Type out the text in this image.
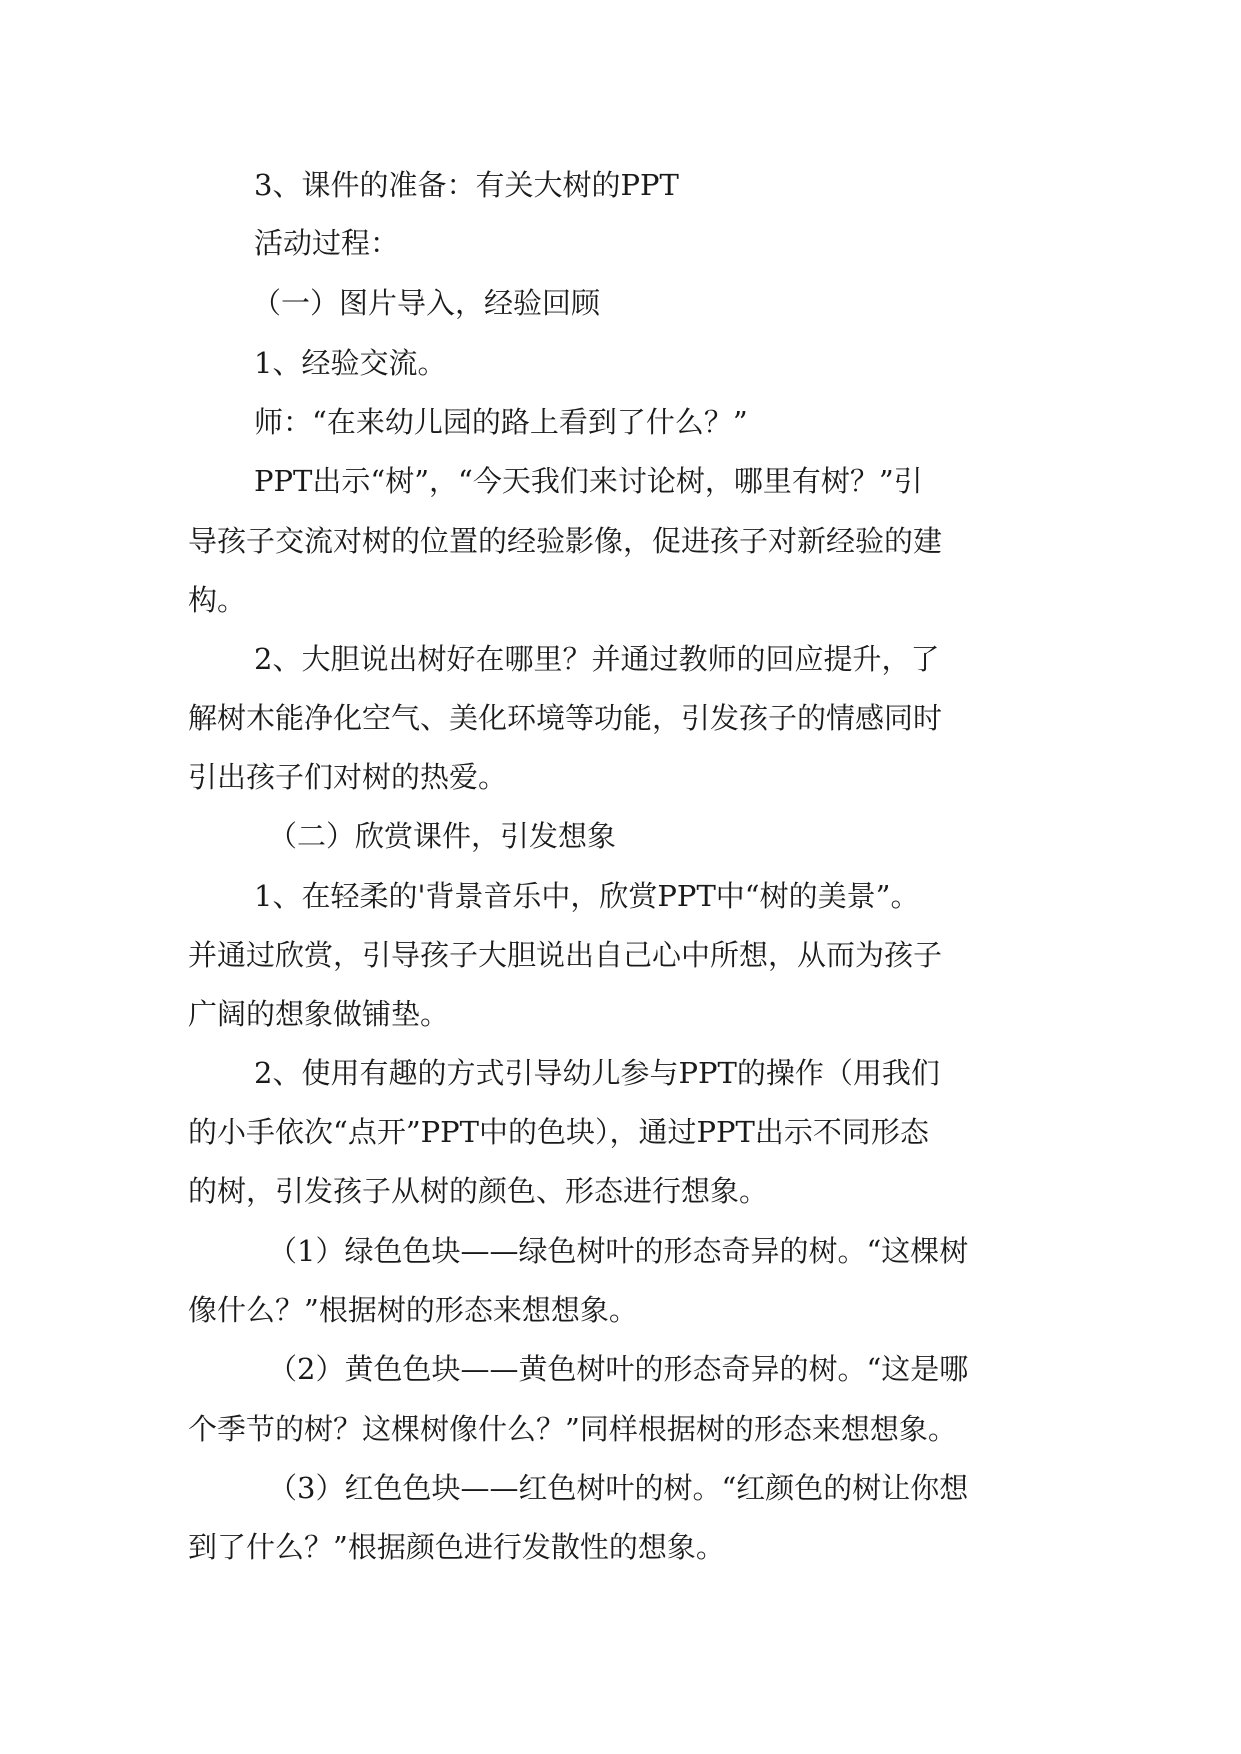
3、课件的准备：有关大树的PPT
活动过程：
（一）图片导入，经验回顾
1、经验交流。
师：“在来幼儿园的路上看到了什么？”
PPT出示“树”，“今天我们来讨论树，哪里有树？”引
导孩子交流对树的位置的经验影像，促进孩子对新经验的建
构。
2、大胆说出树好在哪里？并通过教师的回应提升，了
解树木能净化空气、美化环境等功能，引发孩子的情感同时
引出孩子们对树的热爱。
（二）欣赏课件，引发想象
1、在轻柔的'背景音乐中，欣赏PPT中“树的美景”。
并通过欣赏，引导孩子大胆说出自己心中所想，从而为孩子
广阔的想象做铺垫。
2、使用有趣的方式引导幼儿参与PPT的操作（用我们
的小手依次“点开”PPT中的色块），通过PPT出示不同形态
的树，引发孩子从树的颜色、形态进行想象。
（1）绿色色块——绿色树叶的形态奇异的树。“这棵树
像什么？”根据树的形态来想想象。
（2）黄色色块——黄色树叶的形态奇异的树。“这是哪
个季节的树？这棵树像什么？”同样根据树的形态来想想象。
（3）红色色块——红色树叶的树。“红颜色的树让你想
到了什么？”根据颜色进行发散性的想象。
